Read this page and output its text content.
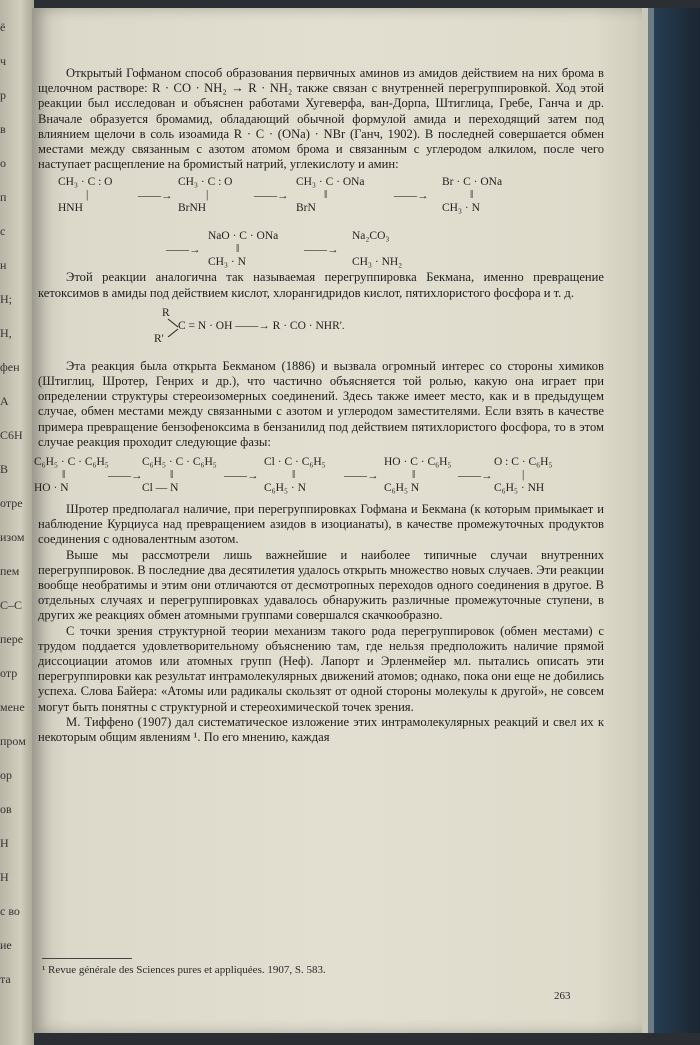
ё
ч
р
в
о
п
с
н
Н;
Н,
фен
А
С6Н
В
отре
изом
пем
С–С
пере
отр
мене
пром
ор
ов
Н
Н
с во
ие
та

Открытый Гофманом способ образования первичных аминов из амидов действием на них брома в щелочном растворе: R · CO · NH₂ → R · NH₂ также связан с внутренней перегруппировкой. Ход этой реакции был исследован и объяснен работами Хугеверфа, ван-Дорпа, Штиглица, Гребе, Ганча и др. Вначале образуется бромамид, обладающий обычной формулой амида и переходящий затем под влиянием щелочи в соль изоамида R · C · (ONa) · NBr (Ганч, 1902). В последней совершается обмен местами между связанным с азотом атомом брома и связанным с углеродом алкилом, после чего наступает расщепление на бромистый натрий, углекислоту и амин:

CH₃ · C : O
|
HNH
CH₃ · C : O
|
BrNH
CH₃ · C · ONa
‖
BrN
Br · C · ONa
‖
CH₃ · N
——→	——→	——→
NaO · C · ONa
‖
CH₃ · N
Na₂CO₃

CH₃ · NH₂
——→	——→

Этой реакции аналогична так называемая перегруппировка Бекмана, именно превращение кетоксимов в амиды под действием кислот, хлорангидридов кислот, пятихлористого фосфора и т. д.

R
R'
C = N · OH ——→ R · CO · NHR'.

Эта реакция была открыта Бекманом (1886) и вызвала огромный интерес со стороны химиков (Штиглиц, Шротер, Генрих и др.), что частично объясняется той ролью, какую она играет при определении структуры стереоизомерных соединений. Здесь также имеет место, как и в предыдущем случае, обмен местами между связанными с азотом и углеродом заместителями. Если взять в качестве примера превращение бензофеноксима в бензанилид под действием пятихлористого фосфора, то в этом случае реакция проходит следующие фазы:

C₆H₅ · C · C₆H₅
‖
HO · N
C₆H₅ · C · C₆H₅
‖
Cl — N
Cl · C · C₆H₅
‖
C₆H₅ · N
HO · C · C₆H₅
‖
C₆H₅ N
O : C · C₆H₅
|
C₆H₅ · NH
——→	——→	——→	——→

Шротер предполагал наличие, при перегруппировках Гофмана и Бекмана (к которым примыкает и наблюдение Курциуса над превращением азидов в изоцианаты), в качестве промежуточных продуктов соединения с одновалентным азотом.

Выше мы рассмотрели лишь важнейшие и наиболее типичные случаи внутренних перегруппировок. В последние два десятилетия удалось открыть множество новых случаев. Эти реакции вообще необратимы и этим они отличаются от десмотропных переходов одного соединения в другое. В отдельных случаях и перегруппировках удавалось обнаружить различные промежуточные ступени, в других же реакциях обмен атомными группами совершался скачкообразно.

С точки зрения структурной теории механизм такого рода перегруппировок (обмен местами) с трудом поддается удовлетворительному объяснению там, где нельзя предположить наличие прямой диссоциации атомов или атомных групп (Неф). Лапорт и Эрленмейер мл. пытались описать эти перегруппировки как результат интрамолекулярных движений атомов; однако, пока они еще не добились успеха. Слова Байера: «Атомы или радикалы скользят от одной стороны молекулы к другой», не совсем могут быть понятны с структурной и стереохимической точек зрения.

М. Тиффено (1907) дал систематическое изложение этих интрамолекулярных реакций и свел их к некоторым общим явлениям ¹. По его мнению, каждая

¹ Revue générale des Sciences pures et appliquées. 1907, S. 583.
263
